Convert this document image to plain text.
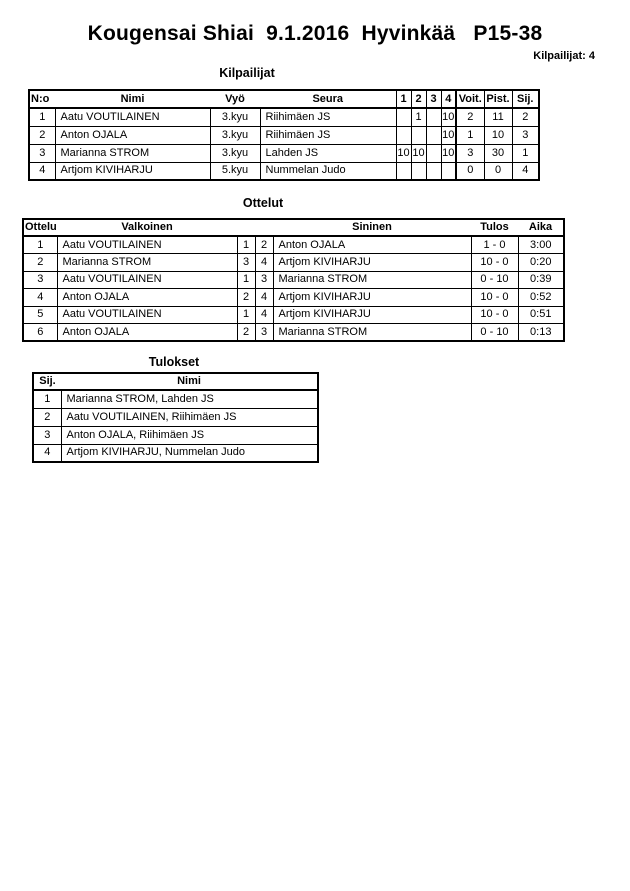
Kougensai Shiai  9.1.2016  Hyvinkää   P15-38
Kilpailijat: 4
Kilpailijat
N:o	Nimi	Vyö	Seura	1	2	3	4	Voit.	Pist.	Sij.
1	Aatu VOUTILAINEN	3.kyu	Riihimäen JS		1		10	2	11	2
2	Anton OJALA	3.kyu	Riihimäen JS				10	1	10	3
3	Marianna STROM	3.kyu	Lahden JS	10	10		10	3	30	1
4	Artjom KIVIHARJU	5.kyu	Nummelan Judo					0	0	4
Ottelut
Ottelu	Valkoinen			Sininen	Tulos	Aika
1	Aatu VOUTILAINEN	1	2	Anton OJALA	1 - 0	3:00
2	Marianna STROM	3	4	Artjom KIVIHARJU	10 - 0	0:20
3	Aatu VOUTILAINEN	1	3	Marianna STROM	0 - 10	0:39
4	Anton OJALA	2	4	Artjom KIVIHARJU	10 - 0	0:52
5	Aatu VOUTILAINEN	1	4	Artjom KIVIHARJU	10 - 0	0:51
6	Anton OJALA	2	3	Marianna STROM	0 - 10	0:13
Tulokset
Sij.	Nimi
1	Marianna STROM, Lahden JS
2	Aatu VOUTILAINEN, Riihimäen JS
3	Anton OJALA, Riihimäen JS
4	Artjom KIVIHARJU, Nummelan Judo
